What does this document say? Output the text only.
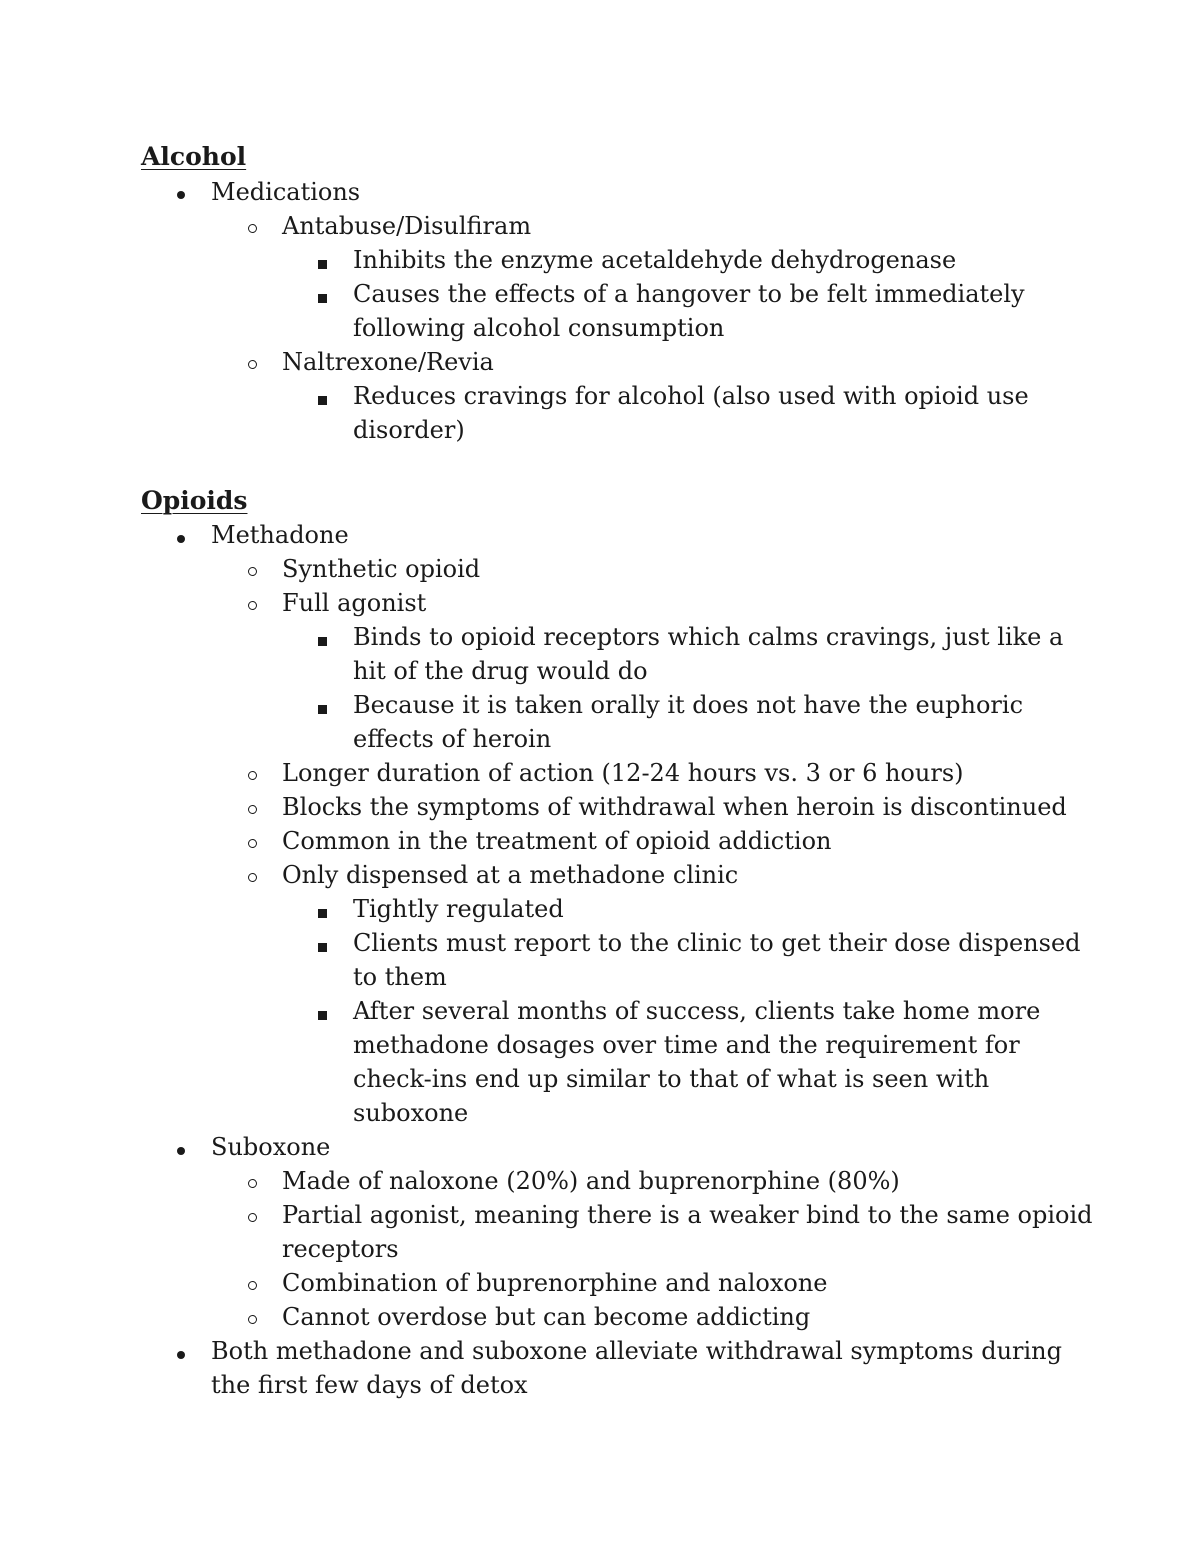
Alcohol

Medications

Antabuse/Disulfiram

Inhibits the enzyme acetaldehyde dehydrogenase

Causes the effects of a hangover to be felt immediately

following alcohol consumption

Naltrexone/Revia

Reduces cravings for alcohol (also used with opioid use

disorder)

Opioids

Methadone

Synthetic opioid

Full agonist

Binds to opioid receptors which calms cravings, just like a

hit of the drug would do

Because it is taken orally it does not have the euphoric

effects of heroin

Longer duration of action (12-24 hours vs. 3 or 6 hours)

Blocks the symptoms of withdrawal when heroin is discontinued

Common in the treatment of opioid addiction

Only dispensed at a methadone clinic

Tightly regulated

Clients must report to the clinic to get their dose dispensed

to them

After several months of success, clients take home more

methadone dosages over time and the requirement for

check-ins end up similar to that of what is seen with

suboxone

Suboxone

Made of naloxone (20%) and buprenorphine (80%)

Partial agonist, meaning there is a weaker bind to the same opioid

receptors

Combination of buprenorphine and naloxone

Cannot overdose but can become addicting

Both methadone and suboxone alleviate withdrawal symptoms during

the first few days of detox
